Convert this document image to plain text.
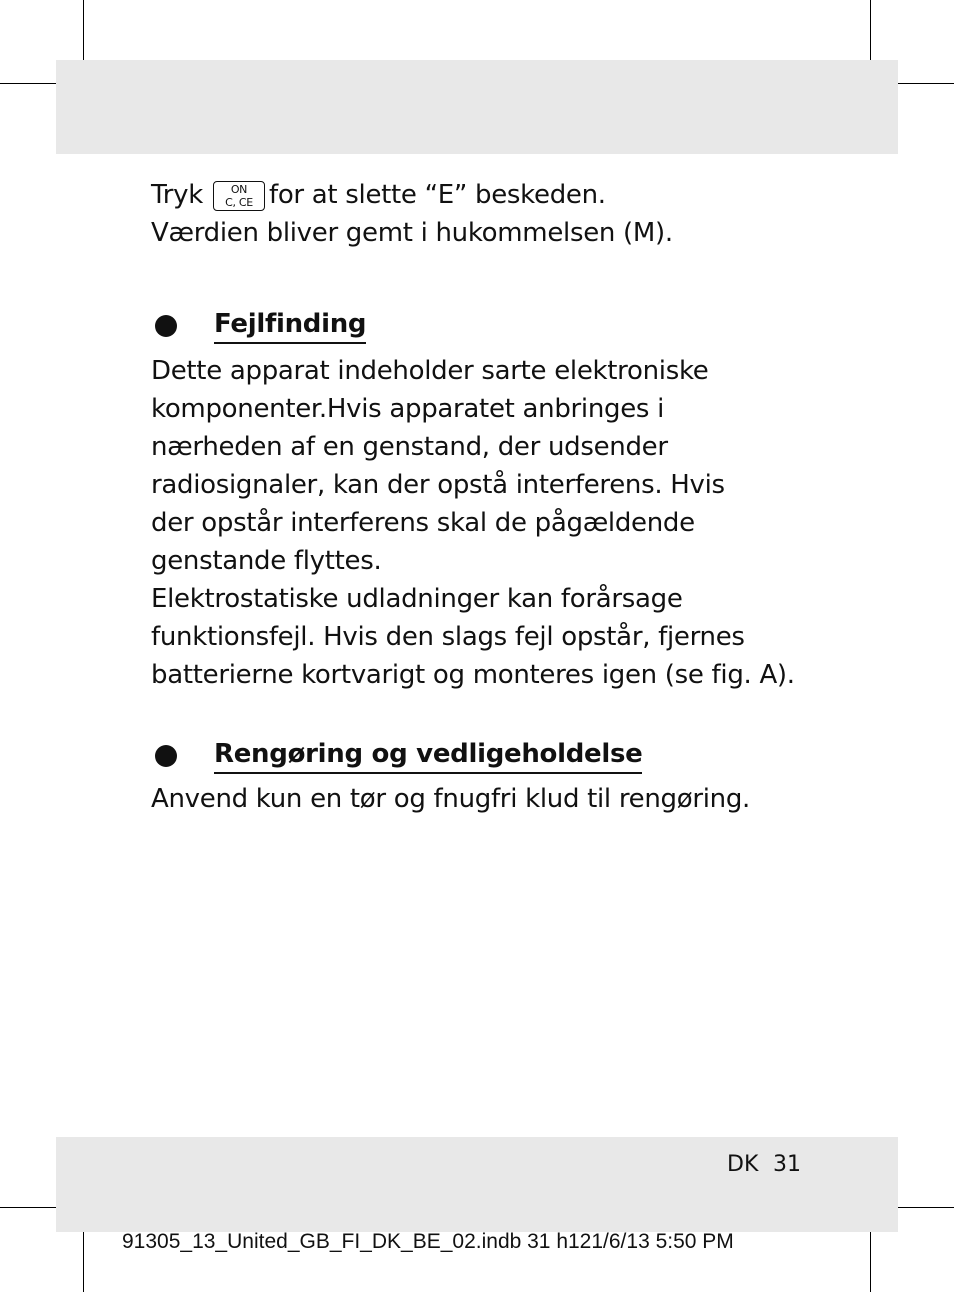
Tryk	ON
C, CE for at slette “E” beskeden.
Værdien bliver gemt i hukommelsen (M).

Fejlfinding

Dette apparat indeholder sarte elektroniske
komponenter.Hvis apparatet anbringes i
nærheden af en genstand, der udsender
radiosignaler, kan der opstå interferens. Hvis
der opstår interferens skal de pågældende
genstande flyttes.
Elektrostatiske udladninger kan forårsage
funktionsfejl. Hvis den slags fejl opstår, fjernes
batterierne kortvarigt og monteres igen (se fig. A).

Rengøring og vedligeholdelse

Anvend kun en tør og fnugfri klud til rengøring.

DK 31
91305_13_United_GB_FI_DK_BE_02.indb 31 h121/6/13 5:50 PM
